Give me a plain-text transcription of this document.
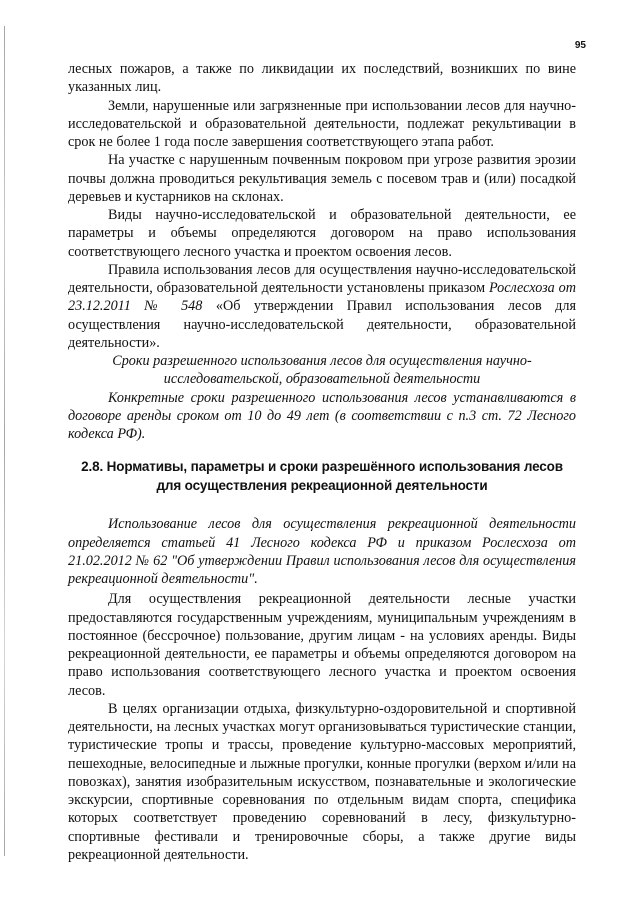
95

лесных пожаров, а также по ликвидации их последствий, возникших по вине указанных лиц.

Земли, нарушенные или загрязненные при использовании лесов для научно-исследовательской и образовательной деятельности, подлежат рекультивации в срок не более 1 года после завершения соответствующего этапа работ.

На участке с нарушенным почвенным покровом при угрозе развития эрозии почвы должна проводиться рекультивация земель с посевом трав и (или) посадкой деревьев и кустарников на склонах.

Виды научно-исследовательской и образовательной деятельности, ее параметры и объемы определяются договором на право использования соответствующего лесного участка и проектом освоения лесов.

Правила использования лесов для осуществления научно-исследовательской деятельности, образовательной деятельности установлены приказом Рослесхоза от 23.12.2011 № 548 «Об утверждении Правил использования лесов для осуществления научно-исследовательской деятельности, образовательной деятельности».

Сроки разрешенного использования лесов для осуществления научно-исследовательской, образовательной деятельности

Конкретные сроки разрешенного использования лесов устанавливаются в договоре аренды сроком от 10 до 49 лет (в соответствии с п.3 ст. 72 Лесного кодекса РФ).

2.8. Нормативы, параметры и сроки разрешённого использования лесов для осуществления рекреационной деятельности

Использование лесов для осуществления рекреационной деятельности определяется статьей 41 Лесного кодекса РФ и приказом Рослесхоза от 21.02.2012 № 62 "Об утверждении Правил использования лесов для осуществления рекреационной деятельности".

Для осуществления рекреационной деятельности лесные участки предоставляются государственным учреждениям, муниципальным учреждениям в постоянное (бессрочное) пользование, другим лицам - на условиях аренды. Виды рекреационной деятельности, ее параметры и объемы определяются договором на право использования соответствующего лесного участка и проектом освоения лесов.

В целях организации отдыха, физкультурно-оздоровительной и спортивной деятельности, на лесных участках могут организовываться туристические станции, туристические тропы и трассы, проведение культурно-массовых мероприятий, пешеходные, велосипедные и лыжные прогулки, конные прогулки (верхом и/или на повозках), занятия изобразительным искусством, познавательные и экологические экскурсии, спортивные соревнования по отдельным видам спорта, специфика которых соответствует проведению соревнований в лесу, физкультурно-спортивные фестивали и тренировочные сборы, а также другие виды рекреационной деятельности.
